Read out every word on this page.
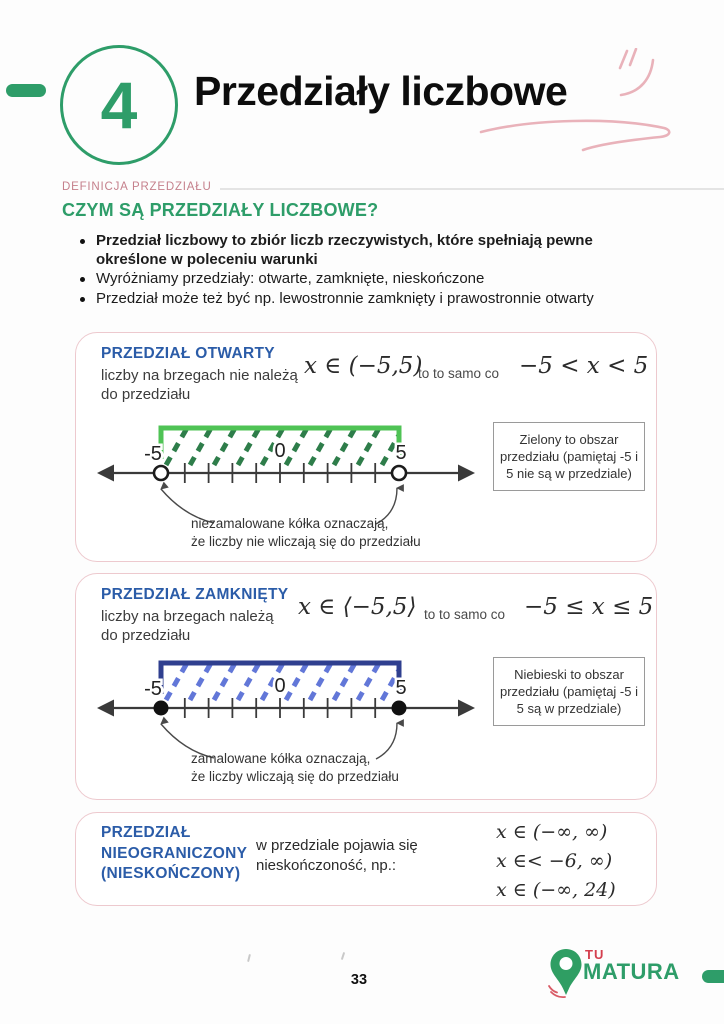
4 Przedziały liczbowe
DEFINICJA PRZEDZIAŁU
CZYM SĄ PRZEDZIAŁY LICZBOWE?
Przedział liczbowy to zbiór liczb rzeczywistych, które spełniają pewne określone w poleceniu warunki
Wyróżniamy przedziały: otwarte, zamknięte, nieskończone
Przedział może też być np. lewostronnie zamknięty i prawostronnie otwarty
PRZEDZIAŁ OTWARTY
liczby na brzegach nie należą do przedziału
x ∈ (−5,5)
to to samo co −5 < x < 5
-5	0	5
niezamalowane kółka oznaczają,
że liczby nie wliczają się do przedziału
Zielony to obszar przedziału (pamiętaj -5 i 5 nie są w przedziale)
PRZEDZIAŁ ZAMKNIĘTY
liczby na brzegach należą do przedziału
x ∈ ⟨−5,5⟩ to to samo co −5 ≤ x ≤ 5
-5	0	5
zamalowane kółka oznaczają,
że liczby wliczają się do przedziału
Niebieski to obszar przedziału (pamiętaj -5 i 5 są w przedziale)
PRZEDZIAŁ
NIEOGRANICZONY
(NIESKOŃCZONY)
w przedziale pojawia się nieskończoność, np.:
x ∈ (−∞, ∞)
x ∈< −6, ∞)
x ∈ (−∞, 24)
33
TU
MATURA
